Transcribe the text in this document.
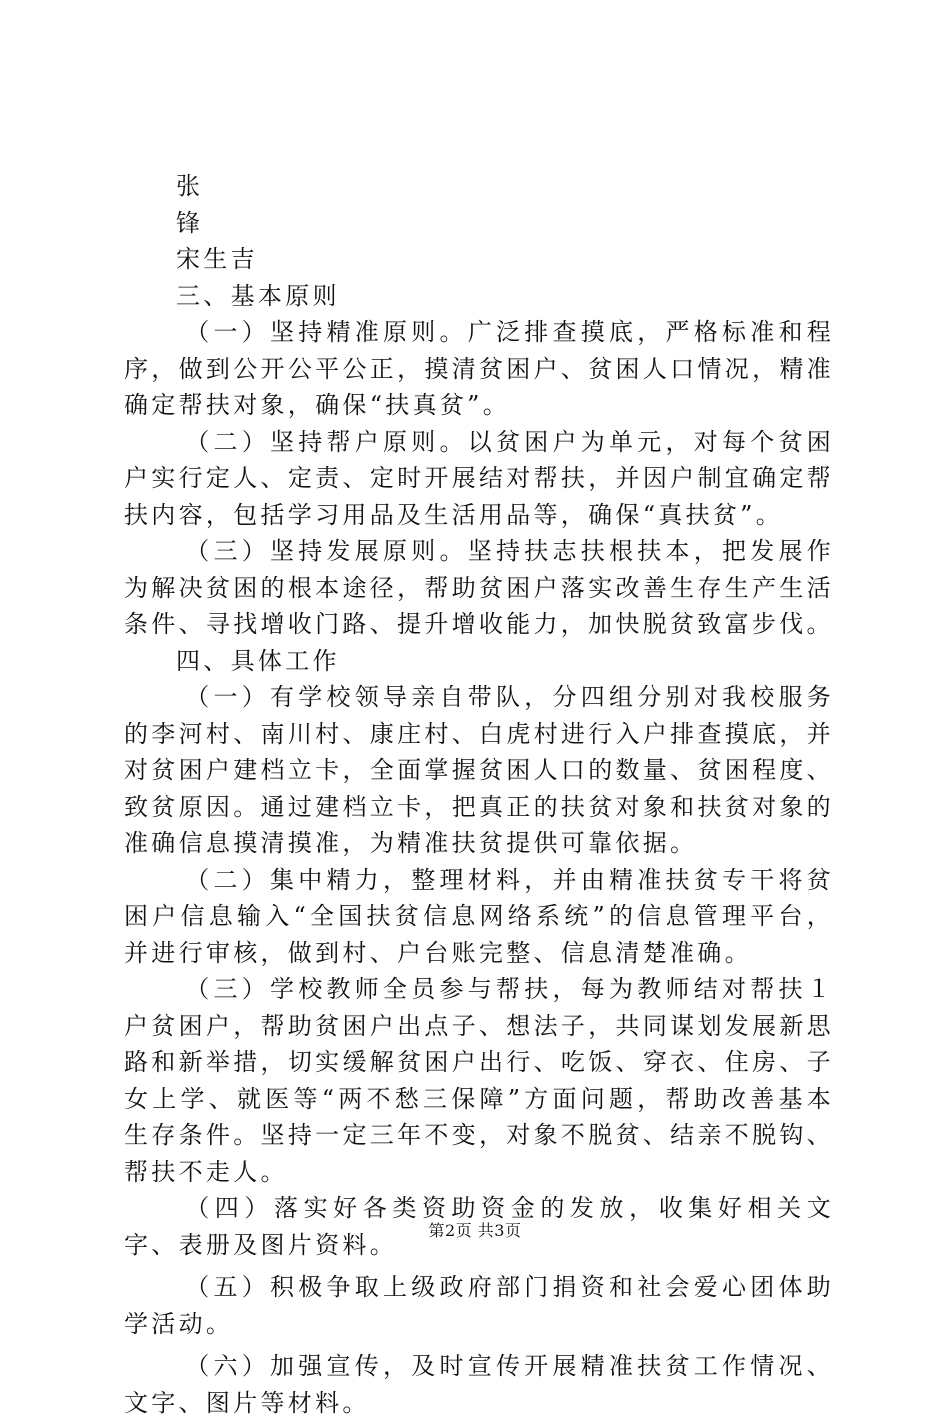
张
锋
宋生吉
三、基本原则
（一）坚持精准原则。广泛排查摸底，严格标准和程序，做到公开公平公正，摸清贫困户、贫困人口情况，精准确定帮扶对象，确保“扶真贫”。
（二）坚持帮户原则。以贫困户为单元，对每个贫困户实行定人、定责、定时开展结对帮扶，并因户制宜确定帮扶内容，包括学习用品及生活用品等，确保“真扶贫”。
（三）坚持发展原则。坚持扶志扶根扶本，把发展作为解决贫困的根本途径，帮助贫困户落实改善生存生产生活条件、寻找增收门路、提升增收能力，加快脱贫致富步伐。
四、具体工作
（一）有学校领导亲自带队，分四组分别对我校服务的李河村、南川村、康庄村、白虎村进行入户排查摸底，并对贫困户建档立卡，全面掌握贫困人口的数量、贫困程度、致贫原因。通过建档立卡，把真正的扶贫对象和扶贫对象的准确信息摸清摸准，为精准扶贫提供可靠依据。
（二）集中精力，整理材料，并由精准扶贫专干将贫困户信息输入“全国扶贫信息网络系统”的信息管理平台，并进行审核，做到村、户台账完整、信息清楚准确。
（三）学校教师全员参与帮扶，每为教师结对帮扶１户贫困户，帮助贫困户出点子、想法子，共同谋划发展新思路和新举措，切实缓解贫困户出行、吃饭、穿衣、住房、子女上学、就医等“两不愁三保障”方面问题，帮助改善基本生存条件。坚持一定三年不变，对象不脱贫、结亲不脱钩、帮扶不走人。
（四）落实好各类资助资金的发放，收集好相关文字、表册及图片资料。
（五）积极争取上级政府部门捐资和社会爱心团体助学活动。
（六）加强宣传，及时宣传开展精准扶贫工作情况、文字、图片等材料。
第2页 共3页
